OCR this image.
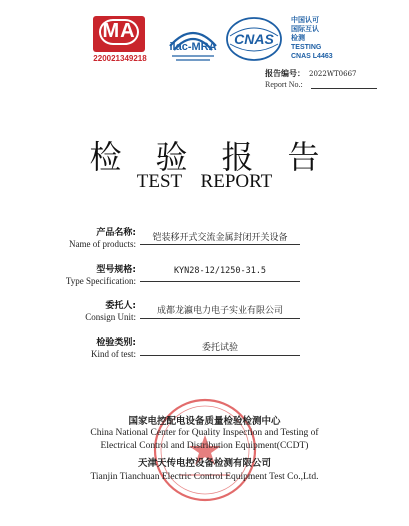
MA
220021349218
ilac-MRA CNAS
中国认可
国际互认
检测
TESTING
CNAS L4463
报告编号： 2022WT0667
Report No.:
检验报告
TEST REPORT
产品名称:
Name of products:
铠装移开式交流金属封闭开关设备
型号规格:
Type Specification:
KYN28-12/1250-31.5
委托人:
Consign Unit:
成都龙瀛电力电子实业有限公司
检验类别:
Kind of test:
委托试验
国家电控配电设备质量检验检测中心
China National Center for Quality Inspection and Testing of
Electrical Control and Distribution Equipment(CCDT)
天津天传电控设备检测有限公司
Tianjin Tianchuan Electric Control Equipment Test Co.,Ltd.
